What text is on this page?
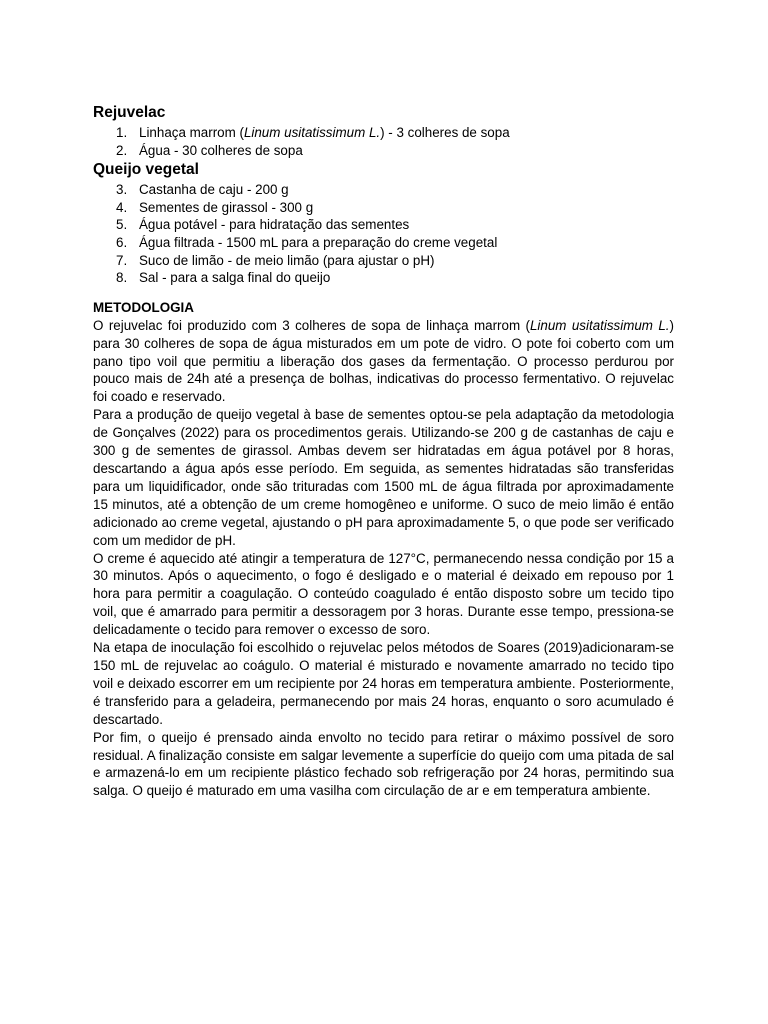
Rejuvelac
1. Linhaça marrom (Linum usitatissimum L.) - 3 colheres de sopa
2. Água - 30 colheres de sopa
Queijo vegetal
3. Castanha de caju - 200 g
4. Sementes de girassol - 300 g
5. Água potável - para hidratação das sementes
6. Água filtrada - 1500 mL para a preparação do creme vegetal
7. Suco de limão - de meio limão (para ajustar o pH)
8. Sal - para a salga final do queijo
METODOLOGIA

O rejuvelac foi produzido com 3 colheres de sopa de linhaça marrom (Linum usitatissimum L.) para 30 colheres de sopa de água misturados em um pote de vidro. O pote foi coberto com um pano tipo voil que permitiu a liberação dos gases da fermentação. O processo perdurou por pouco mais de 24h até a presença de bolhas, indicativas do processo fermentativo. O rejuvelac foi coado e reservado.

Para a produção de queijo vegetal à base de sementes optou-se pela adaptação da metodologia de Gonçalves (2022) para os procedimentos gerais. Utilizando-se 200 g de castanhas de caju e 300 g de sementes de girassol. Ambas devem ser hidratadas em água potável por 8 horas, descartando a água após esse período. Em seguida, as sementes hidratadas são transferidas para um liquidificador, onde são trituradas com 1500 mL de água filtrada por aproximadamente 15 minutos, até a obtenção de um creme homogêneo e uniforme. O suco de meio limão é então adicionado ao creme vegetal, ajustando o pH para aproximadamente 5, o que pode ser verificado com um medidor de pH.

O creme é aquecido até atingir a temperatura de 127°C, permanecendo nessa condição por 15 a 30 minutos. Após o aquecimento, o fogo é desligado e o material é deixado em repouso por 1 hora para permitir a coagulação. O conteúdo coagulado é então disposto sobre um tecido tipo voil, que é amarrado para permitir a dessoragem por 3 horas. Durante esse tempo, pressiona-se delicadamente o tecido para remover o excesso de soro.

Na etapa de inoculação foi escolhido o rejuvelac pelos métodos de Soares (2019)adicionaram-se 150 mL de rejuvelac ao coágulo. O material é misturado e novamente amarrado no tecido tipo voil e deixado escorrer em um recipiente por 24 horas em temperatura ambiente. Posteriormente, é transferido para a geladeira, permanecendo por mais 24 horas, enquanto o soro acumulado é descartado.

Por fim, o queijo é prensado ainda envolto no tecido para retirar o máximo possível de soro residual. A finalização consiste em salgar levemente a superfície do queijo com uma pitada de sal e armazená-lo em um recipiente plástico fechado sob refrigeração por 24 horas, permitindo sua salga. O queijo é maturado em uma vasilha com circulação de ar e em temperatura ambiente.
